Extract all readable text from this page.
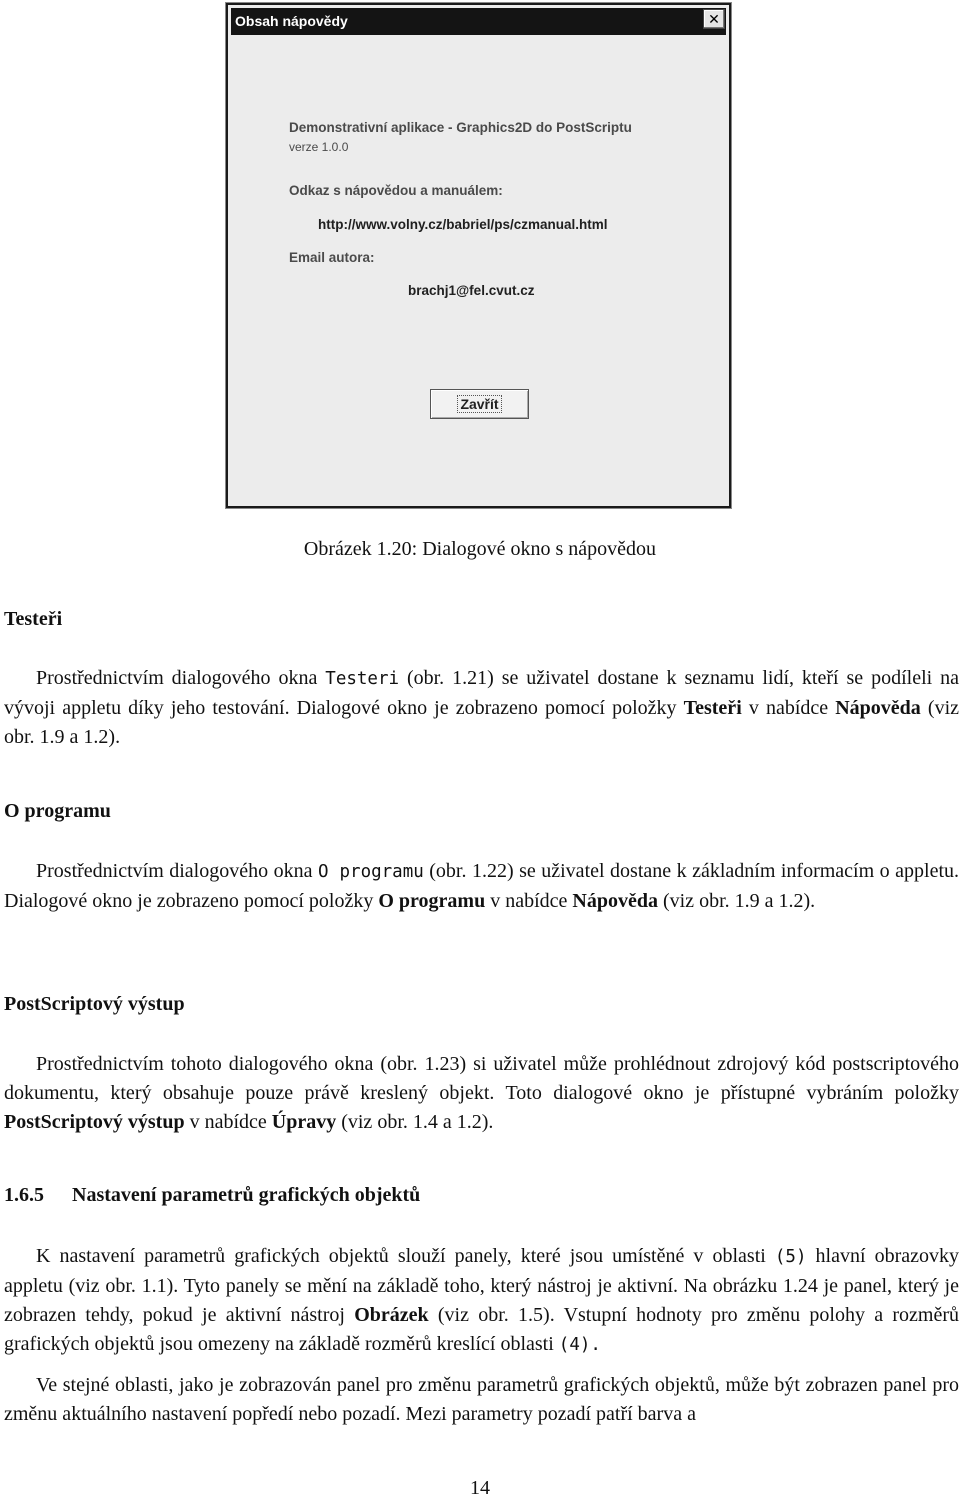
Obsah nápovědy	✕
Demonstrativní aplikace - Graphics2D do PostScriptu
verze 1.0.0
Odkaz s nápovědou a manuálem:
http://www.volny.cz/babriel/ps/czmanual.html
Email autora:
brachj1@fel.cvut.cz
Zavřít
Obrázek 1.20: Dialogové okno s nápovědou
Testeři
Prostřednictvím dialogového okna Testeri (obr. 1.21) se uživatel dostane k seznamu lidí, kteří se podíleli na vývoji appletu díky jeho testování. Dialogové okno je zobrazeno pomocí položky Testeři v nabídce Nápověda (viz obr. 1.9 a 1.2).
O programu
Prostřednictvím dialogového okna O programu (obr. 1.22) se uživatel dostane k základním informacím o appletu. Dialogové okno je zobrazeno pomocí položky O programu v nabídce Nápověda (viz obr. 1.9 a 1.2).
PostScriptový výstup
Prostřednictvím tohoto dialogového okna (obr. 1.23) si uživatel může prohlédnout zdrojový kód postscriptového dokumentu, který obsahuje pouze právě kreslený objekt. Toto dialogové okno je přístupné vybráním položky PostScriptový výstup v nabídce Úpravy (viz obr. 1.4 a 1.2).
1.6.5 Nastavení parametrů grafických objektů
K nastavení parametrů grafických objektů slouží panely, které jsou umístěné v oblasti (5) hlavní obrazovky appletu (viz obr. 1.1). Tyto panely se mění na základě toho, který nástroj je aktivní. Na obrázku 1.24 je panel, který je zobrazen tehdy, pokud je aktivní nástroj Obrázek (viz obr. 1.5). Vstupní hodnoty pro změnu polohy a rozměrů grafických objektů jsou omezeny na základě rozměrů kreslící oblasti (4).
Ve stejné oblasti, jako je zobrazován panel pro změnu parametrů grafických objektů, může být zobrazen panel pro změnu aktuálního nastavení popředí nebo pozadí. Mezi parametry pozadí patří barva a
14
